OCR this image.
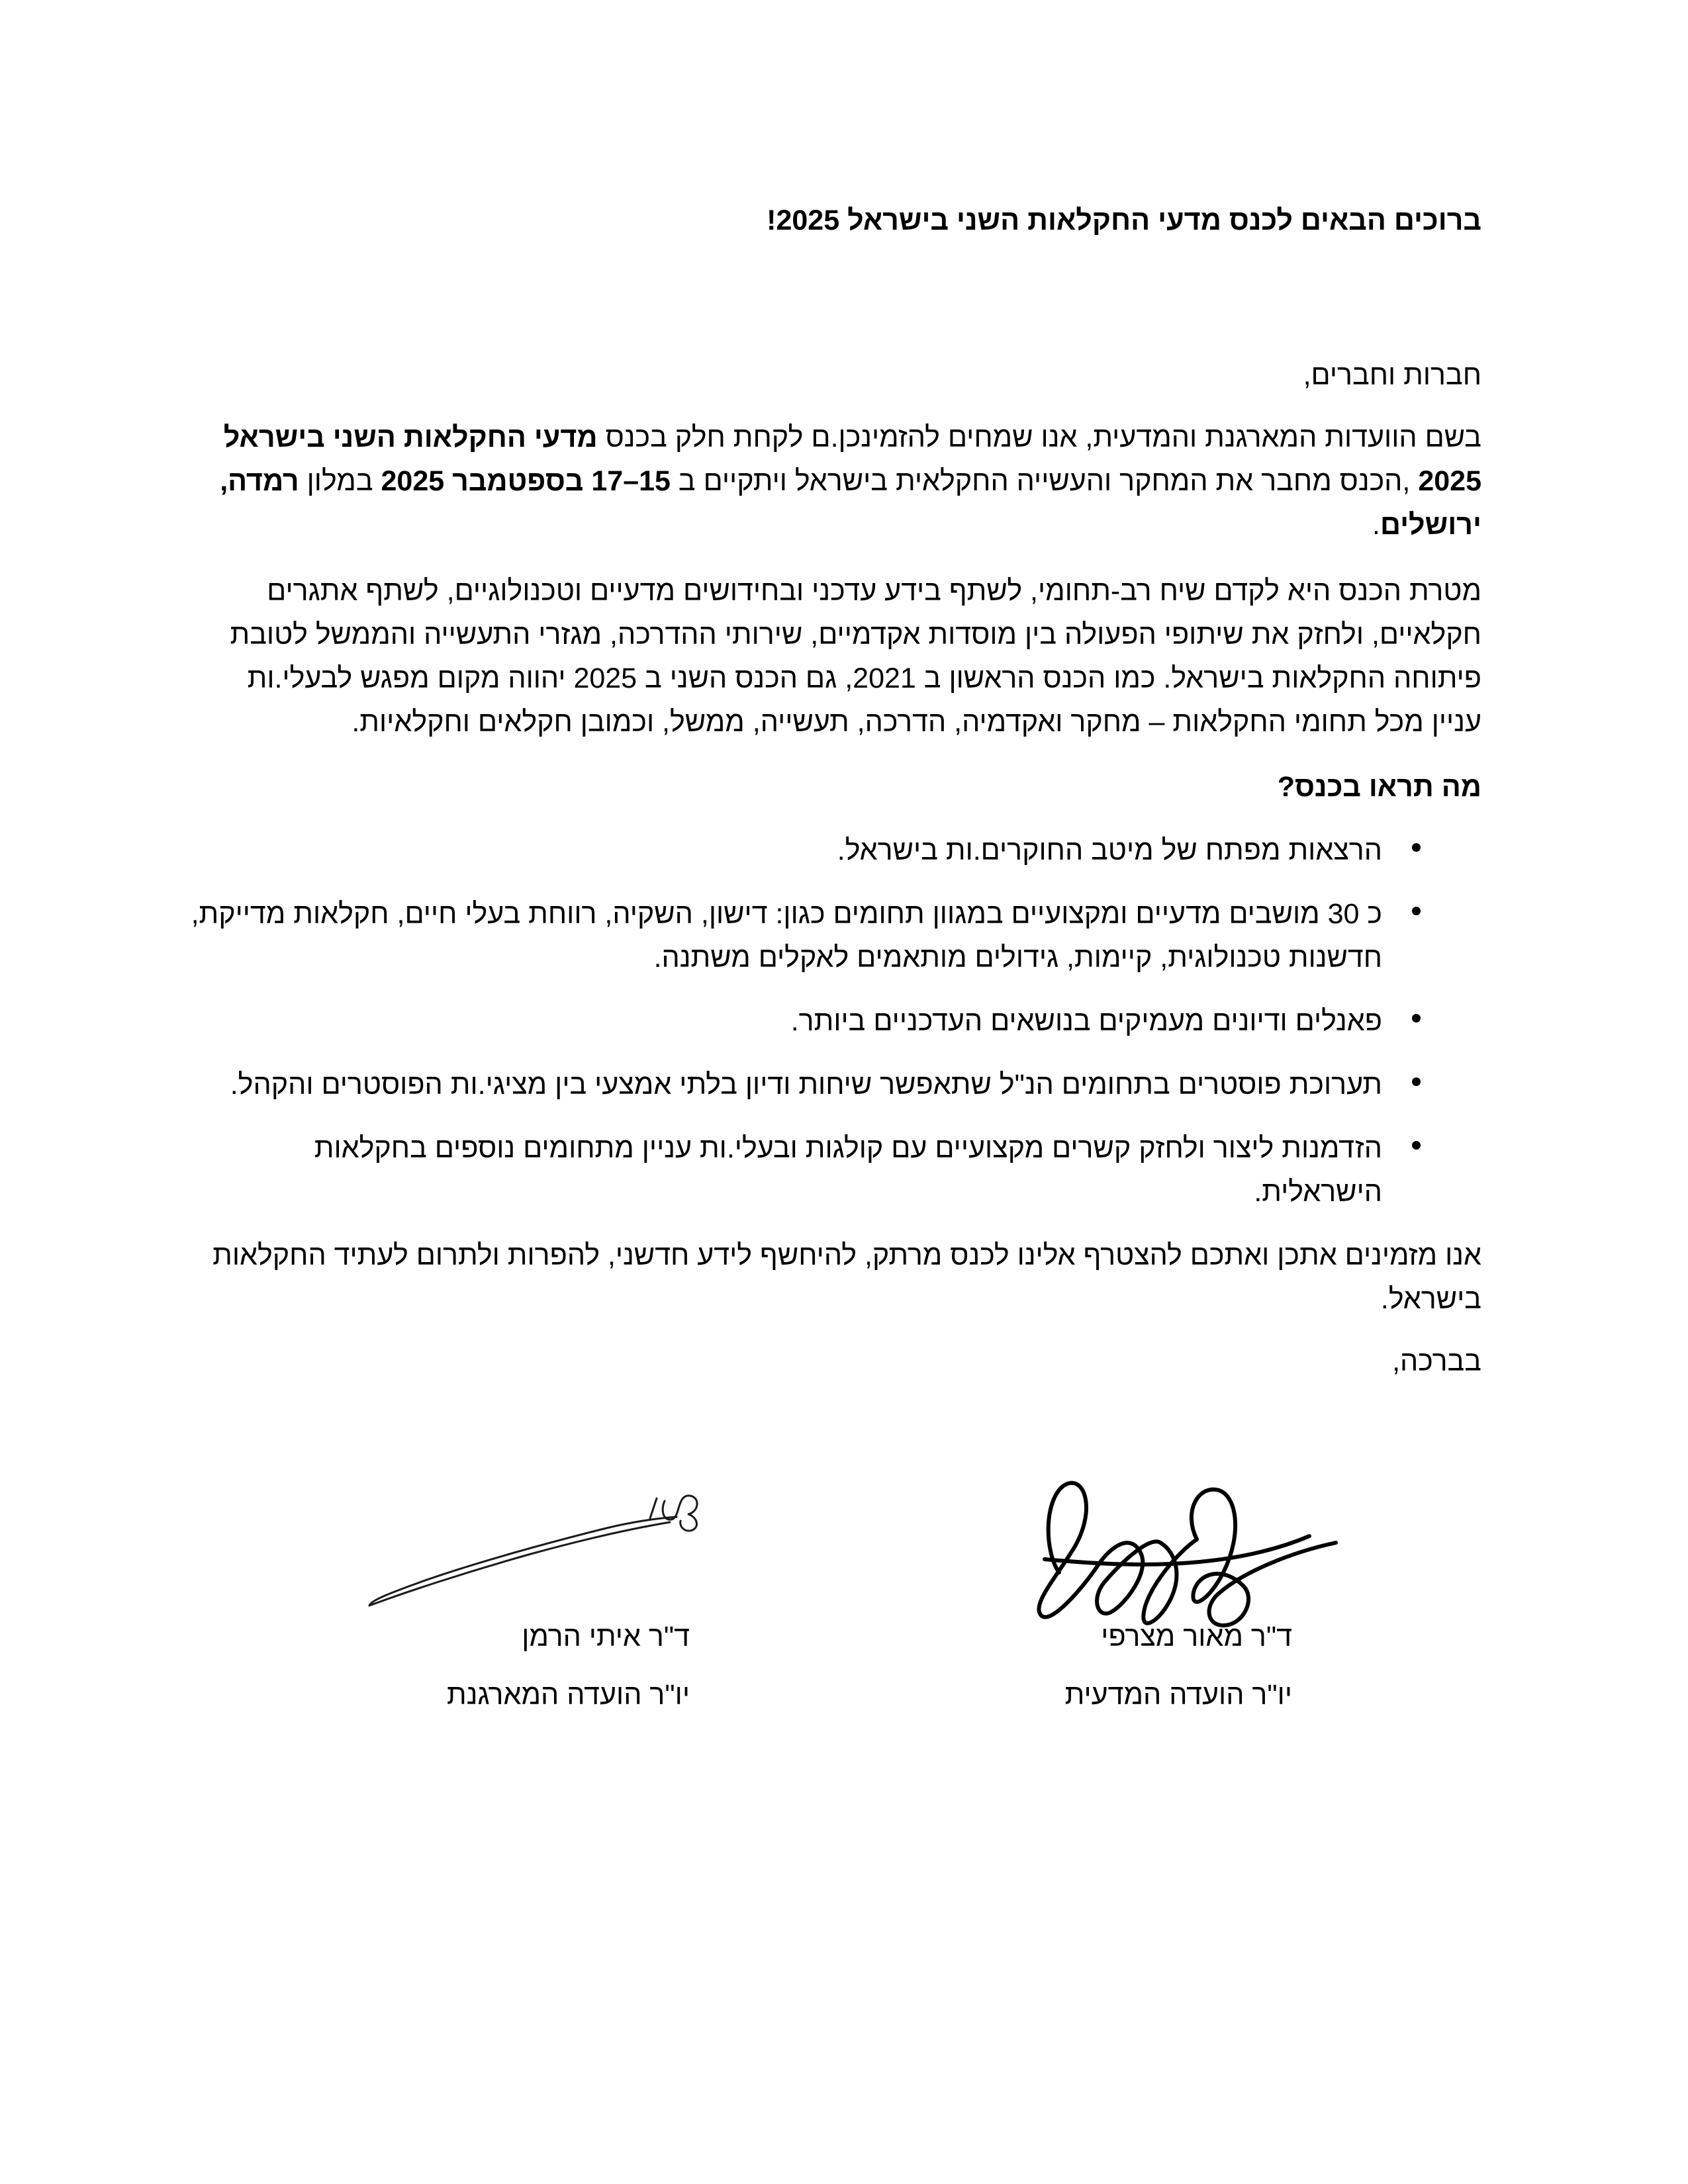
ברוכים הבאים לכנס מדעי החקלאות השני בישראל 2025!

חברות וחברים,

בשם הוועדות המארגנת והמדעית, אנו שמחים להזמינכן.ם לקחת חלק בכנס מדעי החקלאות השני בישראל 2025 ,הכנס מחבר את המחקר והעשייה החקלאית בישראל ויתקיים ב 15–17 בספטמבר 2025 במלון רמדה, ירושלים.

מטרת הכנס היא לקדם שיח רב-תחומי, לשתף בידע עדכני ובחידושים מדעיים וטכנולוגיים, לשתף אתגרים חקלאיים, ולחזק את שיתופי הפעולה בין מוסדות אקדמיים, שירותי ההדרכה, מגזרי התעשייה והממשל לטובת פיתוחה החקלאות בישראל. כמו הכנס הראשון ב 2021, גם הכנס השני ב 2025 יהווה מקום מפגש לבעלי.ות עניין מכל תחומי החקלאות – מחקר ואקדמיה, הדרכה, תעשייה, ממשל, וכמובן חקלאים וחקלאיות.

מה תראו בכנס?

הרצאות מפתח של מיטב החוקרים.ות בישראל.
כ 30 מושבים מדעיים ומקצועיים במגוון תחומים כגון: דישון, השקיה, רווחת בעלי חיים, חקלאות מדייקת, חדשנות טכנולוגית, קיימות, גידולים מותאמים לאקלים משתנה.
פאנלים ודיונים מעמיקים בנושאים העדכניים ביותר.
תערוכת פוסטרים בתחומים הנ"ל שתאפשר שיחות ודיון בלתי אמצעי בין מציגי.ות הפוסטרים והקהל.
הזדמנות ליצור ולחזק קשרים מקצועיים עם קולגות ובעלי.ות עניין מתחומים נוספים בחקלאות הישראלית.

אנו מזמינים אתכן ואתכם להצטרף אלינו לכנס מרתק, להיחשף לידע חדשני, להפרות ולתרום לעתיד החקלאות בישראל.

בברכה,

ד"ר מאור מצרפי

יו"ר הועדה המדעית

ד"ר איתי הרמן

יו"ר הועדה המארגנת
